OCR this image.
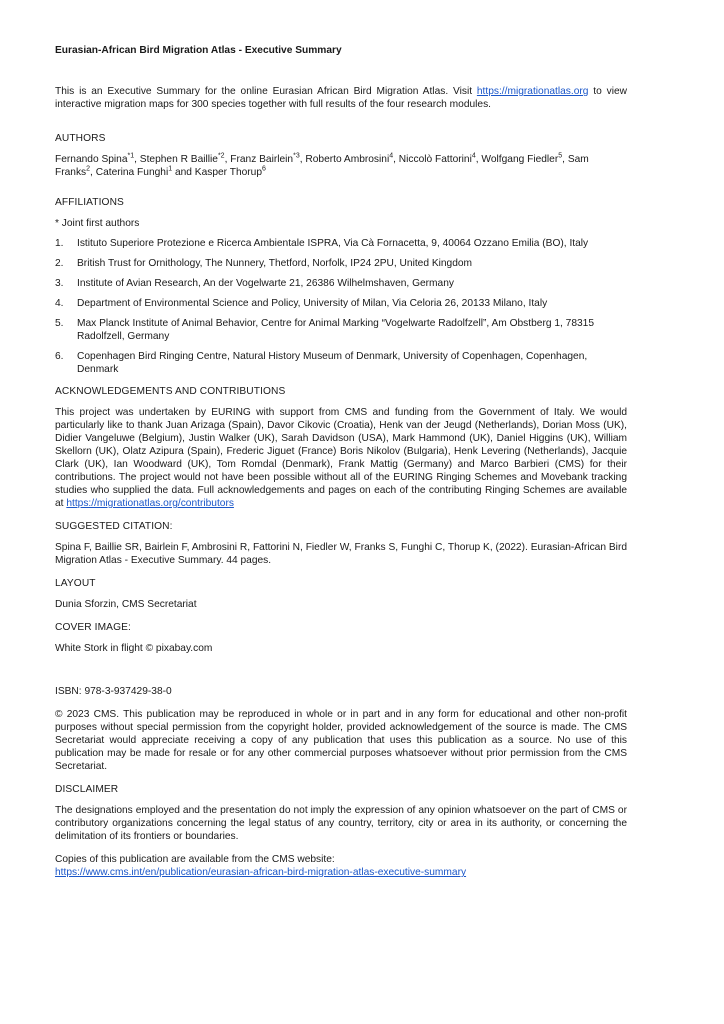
Eurasian-African Bird Migration Atlas - Executive Summary

This is an Executive Summary for the online Eurasian African Bird Migration Atlas. Visit https://migrationatlas.org to view interactive migration maps for 300 species together with full results of the four research modules.

AUTHORS

Fernando Spina$^{*1}$, Stephen R Baillie$^{*2}$, Franz Bairlein$^{*3}$, Roberto Ambrosini$^4$, Niccolò Fattorini$^4$, Wolfgang Fiedler$^5$, Sam Franks$^2$, Caterina Funghi$^1$ and Kasper Thorup$^6$

AFFILIATIONS

* Joint first authors

1. Istituto Superiore Protezione e Ricerca Ambientale ISPRA, Via Cà Fornacetta, 9, 40064 Ozzano Emilia (BO), Italy
2. British Trust for Ornithology, The Nunnery, Thetford, Norfolk, IP24 2PU, United Kingdom
3. Institute of Avian Research, An der Vogelwarte 21, 26386 Wilhelmshaven, Germany
4. Department of Environmental Science and Policy, University of Milan, Via Celoria 26, 20133 Milano, Italy
5. Max Planck Institute of Animal Behavior, Centre for Animal Marking “Vogelwarte Radolfzell”, Am Obstberg 1, 78315 Radolfzell, Germany
6. Copenhagen Bird Ringing Centre, Natural History Museum of Denmark, University of Copenhagen, Copenhagen, Denmark

ACKNOWLEDGEMENTS AND CONTRIBUTIONS

This project was undertaken by EURING with support from CMS and funding from the Government of Italy. We would particularly like to thank Juan Arizaga (Spain), Davor Cikovic (Croatia), Henk van der Jeugd (Netherlands), Dorian Moss (UK), Didier Vangeluwe (Belgium), Justin Walker (UK), Sarah Davidson (USA), Mark Hammond (UK), Daniel Higgins (UK), William Skellorn (UK), Olatz Azipura (Spain), Frederic Jiguet (France) Boris Nikolov (Bulgaria), Henk Levering (Netherlands), Jacquie Clark (UK), Ian Woodward (UK), Tom Romdal (Denmark), Frank Mattig (Germany) and Marco Barbieri (CMS) for their contributions. The project would not have been possible without all of the EURING Ringing Schemes and Movebank tracking studies who supplied the data. Full acknowledgements and pages on each of the contributing Ringing Schemes are available at https://migrationatlas.org/contributors

SUGGESTED CITATION:

Spina F, Baillie SR, Bairlein F, Ambrosini R, Fattorini N, Fiedler W, Franks S, Funghi C, Thorup K, (2022). Eurasian-African Bird Migration Atlas - Executive Summary. 44 pages.

LAYOUT

Dunia Sforzin, CMS Secretariat

COVER IMAGE:

White Stork in flight © pixabay.com

ISBN: 978-3-937429-38-0

© 2023 CMS. This publication may be reproduced in whole or in part and in any form for educational and other non-profit purposes without special permission from the copyright holder, provided acknowledgement of the source is made. The CMS Secretariat would appreciate receiving a copy of any publication that uses this publication as a source. No use of this publication may be made for resale or for any other commercial purposes whatsoever without prior permission from the CMS Secretariat.

DISCLAIMER

The designations employed and the presentation do not imply the expression of any opinion whatsoever on the part of CMS or contributory organizations concerning the legal status of any country, territory, city or area in its authority, or concerning the delimitation of its frontiers or boundaries.

Copies of this publication are available from the CMS website:

https://www.cms.int/en/publication/eurasian-african-bird-migration-atlas-executive-summary
